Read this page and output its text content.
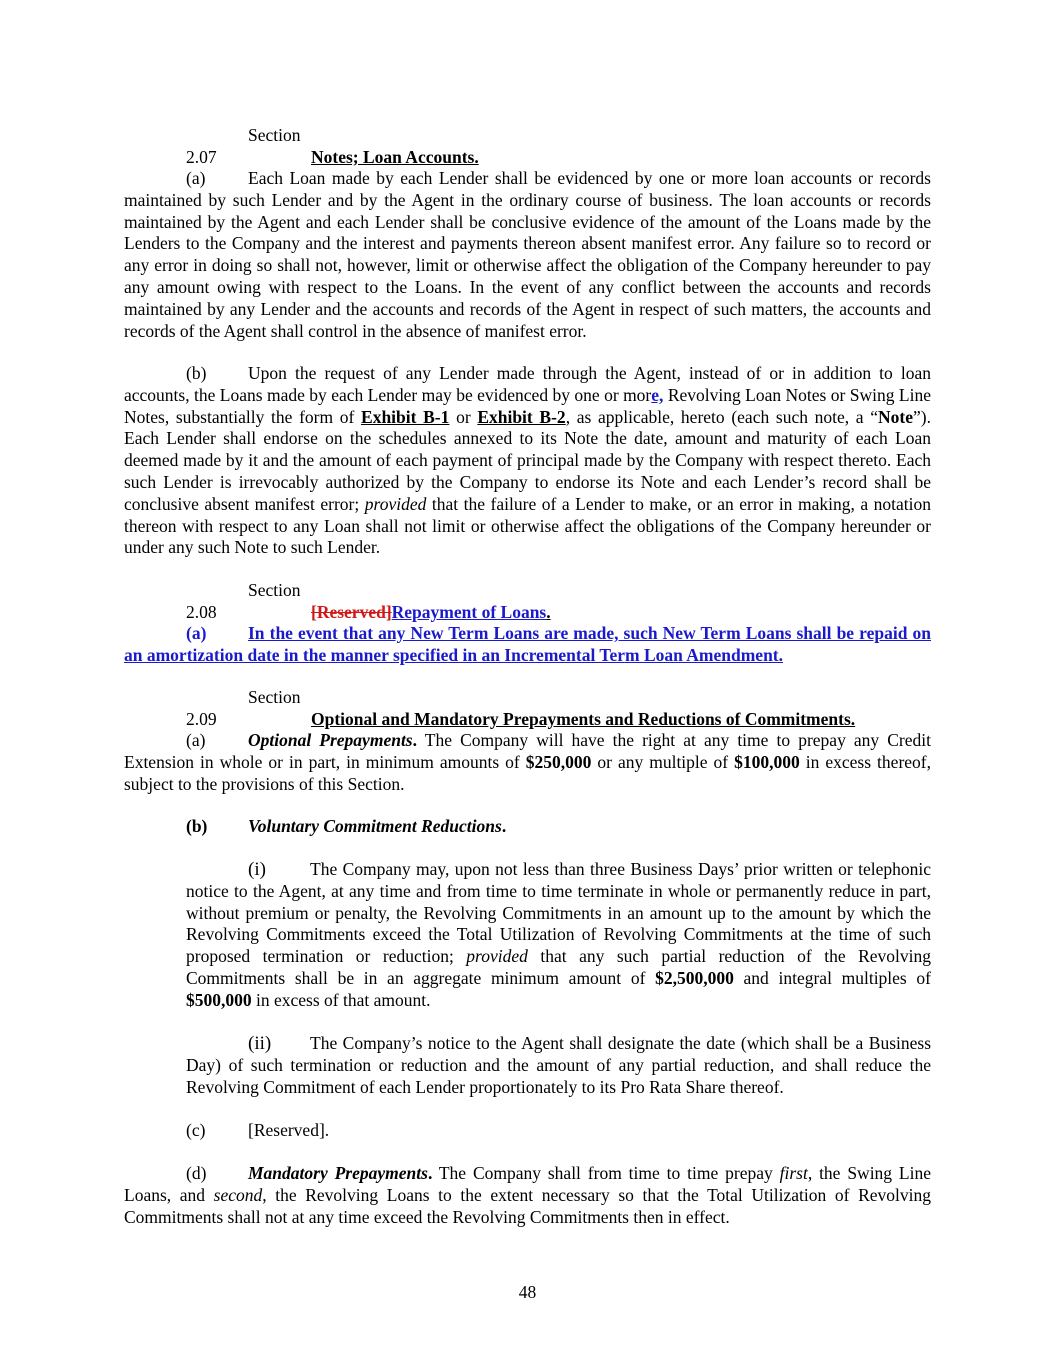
Section 2.07	Notes; Loan Accounts.
(a) Each Loan made by each Lender shall be evidenced by one or more loan accounts or records maintained by such Lender and by the Agent in the ordinary course of business. The loan accounts or records maintained by the Agent and each Lender shall be conclusive evidence of the amount of the Loans made by the Lenders to the Company and the interest and payments thereon absent manifest error. Any failure so to record or any error in doing so shall not, however, limit or otherwise affect the obligation of the Company hereunder to pay any amount owing with respect to the Loans. In the event of any conflict between the accounts and records maintained by any Lender and the accounts and records of the Agent in respect of such matters, the accounts and records of the Agent shall control in the absence of manifest error.
(b) Upon the request of any Lender made through the Agent, instead of or in addition to loan accounts, the Loans made by each Lender may be evidenced by one or more, Revolving Loan Notes or Swing Line Notes, substantially the form of Exhibit B-1 or Exhibit B-2, as applicable, hereto (each such note, a “Note”). Each Lender shall endorse on the schedules annexed to its Note the date, amount and maturity of each Loan deemed made by it and the amount of each payment of principal made by the Company with respect thereto. Each such Lender is irrevocably authorized by the Company to endorse its Note and each Lender’s record shall be conclusive absent manifest error; provided that the failure of a Lender to make, or an error in making, a notation thereon with respect to any Loan shall not limit or otherwise affect the obligations of the Company hereunder or under any such Note to such Lender.
Section 2.08	[Reserved]Repayment of Loans.
(a) In the event that any New Term Loans are made, such New Term Loans shall be repaid on an amortization date in the manner specified in an Incremental Term Loan Amendment.
Section 2.09	Optional and Mandatory Prepayments and Reductions of Commitments.
(a) Optional Prepayments. The Company will have the right at any time to prepay any Credit Extension in whole or in part, in minimum amounts of $250,000 or any multiple of $100,000 in excess thereof, subject to the provisions of this Section.
(b) Voluntary Commitment Reductions.
(i)	The Company may, upon not less than three Business Days’ prior written or telephonic notice to the Agent, at any time and from time to time terminate in whole or permanently reduce in part, without premium or penalty, the Revolving Commitments in an amount up to the amount by which the Revolving Commitments exceed the Total Utilization of Revolving Commitments at the time of such proposed termination or reduction; provided that any such partial reduction of the Revolving Commitments shall be in an aggregate minimum amount of $2,500,000 and integral multiples of $500,000 in excess of that amount.
(ii) The Company’s notice to the Agent shall designate the date (which shall be a Business Day) of such termination or reduction and the amount of any partial reduction, and shall reduce the Revolving Commitment of each Lender proportionately to its Pro Rata Share thereof.
(c) [Reserved].
(d) Mandatory Prepayments. The Company shall from time to time prepay first, the Swing Line Loans, and second, the Revolving Loans to the extent necessary so that the Total Utilization of Revolving Commitments shall not at any time exceed the Revolving Commitments then in effect.
48
